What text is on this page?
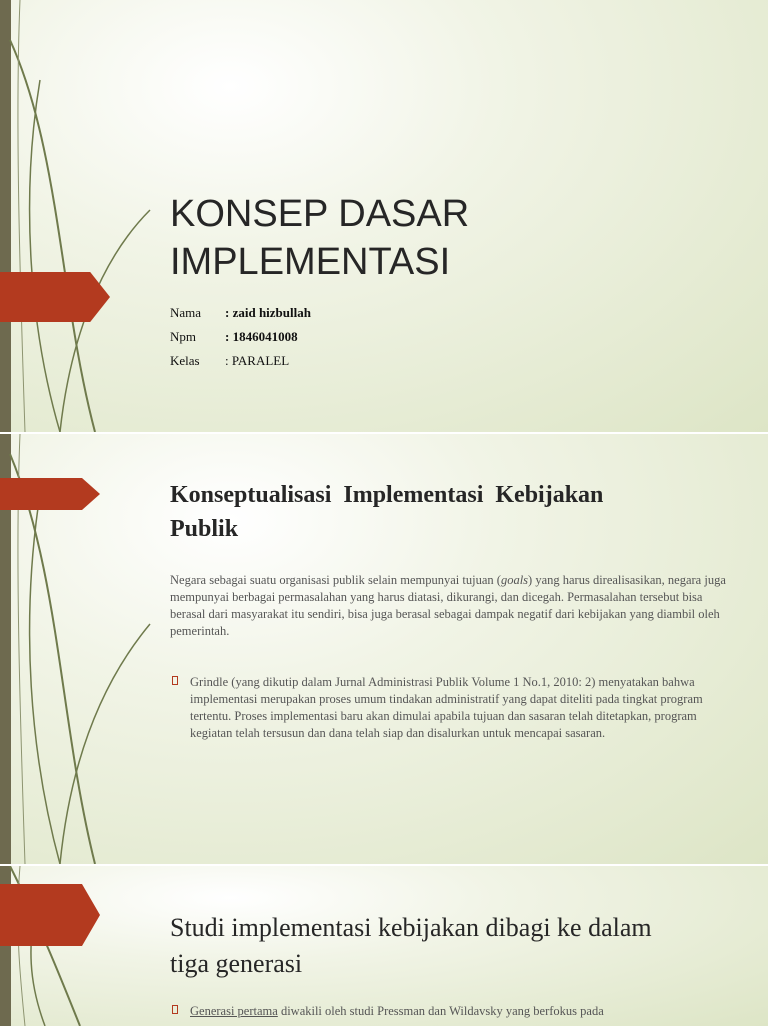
KONSEP DASAR
IMPLEMENTASI
Nama	: zaid hizbullah
Npm	: 1846041008
Kelas	: PARALEL
Konseptualisasi Implementasi Kebijakan
Publik

Negara sebagai suatu organisasi publik selain mempunyai tujuan (goals) yang harus direalisasikan, negara juga mempunyai berbagai permasalahan yang harus diatasi, dikurangi, dan dicegah. Permasalahan tersebut bisa berasal dari masyarakat itu sendiri, bisa juga berasal sebagai dampak negatif dari kebijakan yang diambil oleh pemerintah.

Grindle (yang dikutip dalam Jurnal Administrasi Publik Volume 1 No.1, 2010: 2) menyatakan bahwa implementasi merupakan proses umum tindakan administratif yang dapat diteliti pada tingkat program tertentu. Proses implementasi baru akan dimulai apabila tujuan dan sasaran telah ditetapkan, program kegiatan telah tersusun dan dana telah siap dan disalurkan untuk mencapai sasaran.
Studi implementasi kebijakan dibagi ke dalam
tiga generasi
Generasi pertama diwakili oleh studi Pressman dan Wildavsky yang berfokus pada
